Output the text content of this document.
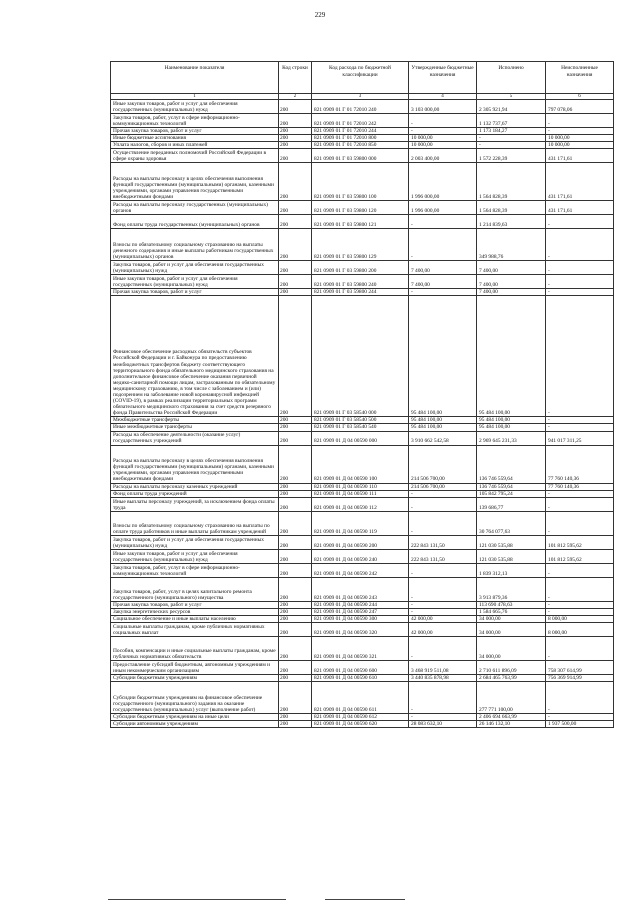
229
Наименование показателя	Код строки	Код расхода по бюджетной классификации	Утвержденные бюджетные назначения	Исполнено	Неисполненные назначения
1	2	3	4	5	6
Иные закупки товаров, работ и услуг для обеспечения государственных (муниципальных) нужд	200	821 0909 01 Г 01 72010 240	3 103 000,00	2 305 921,94	797 078,06
Закупка товаров, работ, услуг в сфере информационно-коммуникационных технологий	200	821 0909 01 Г 01 72010 242	-	1 132 737,67	-
Прочая закупка товаров, работ и услуг	200	821 0909 01 Г 01 72010 244	-	1 173 184,27	-
Иные бюджетные ассигнования	200	821 0909 01 Г 01 72010 800	10 000,00	-	10 000,00
Уплата налогов, сборов и иных платежей	200	821 0909 01 Г 01 72010 850	10 000,00	-	10 000,00
Осуществление переданных полномочий Российской Федерации в сфере охраны здоровья	200	821 0909 01 Г 03 59800 000	2 003 400,00	1 572 228,39	431 171,61
Расходы на выплаты персоналу в целях обеспечения выполнения функций государственными (муниципальными) органами, казенными учреждениями, органами управления государственными внебюджетными фондами	200	821 0909 01 Г 03 59800 100	1 996 000,00	1 564 828,39	431 171,61
Расходы на выплаты персоналу государственных (муниципальных) органов	200	821 0909 01 Г 03 59800 120	1 996 000,00	1 564 828,39	431 171,61
Фонд оплаты труда государственных (муниципальных) органов	200	821 0909 01 Г 03 59800 121	-	1 214 839,63	-
Взносы по обязательному социальному страхованию на выплаты денежного содержания и иные выплаты работникам государственных (муниципальных) органов	200	821 0909 01 Г 03 59800 129	-	349 988,76	-
Закупка товаров, работ и услуг для обеспечения государственных (муниципальных) нужд	200	821 0909 01 Г 03 59800 200	7 400,00	7 400,00	-
Иные закупки товаров, работ и услуг для обеспечения государственных (муниципальных) нужд	200	821 0909 01 Г 03 59800 240	7 400,00	7 400,00	-
Прочая закупка товаров, работ и услуг	200	821 0909 01 Г 03 59800 244	-	7 400,00	-
Финансовое обеспечение расходных обязательств субъектов Российской Федерации и г. Байконура по предоставлению межбюджетных трансфертов бюджету соответствующего территориального фонда обязательного медицинского страхования на дополнительное финансовое обеспечение оказания первичной медико-санитарной помощи лицам, застрахованным по обязательному медицинскому страхованию, в том числе с заболеванием и (или) подозрением на заболевание новой коронавирусной инфекцией (COVID-19), в рамках реализации территориальных программ обязательного медицинского страхования за счет средств резервного фонда Правительства Российской Федерации	200	821 0909 01 Г 03 58540 000	95 484 100,00	95 484 100,00	-
Межбюджетные трансферты	200	821 0909 01 Г 03 58540 500	95 484 100,00	95 484 100,00	-
Иные межбюджетные трансферты	200	821 0909 01 Г 03 58540 540	95 484 100,00	95 484 100,00	-
Расходы на обеспечение деятельности (оказание услуг) государственных учреждений	200	821 0909 01 Д 04 00590 000	3 910 662 542,58	2 969 645 231,33	941 017 311,25
Расходы на выплаты персоналу в целях обеспечения выполнения функций государственными (муниципальными) органами, казенными учреждениями, органами управления государственными внебюджетными фондами	200	821 0909 01 Д 04 00590 100	214 506 700,00	136 746 559,64	77 760 140,36
Расходы на выплаты персоналу казенных учреждений	200	821 0909 01 Д 04 00590 110	214 506 700,00	136 746 559,64	77 760 140,36
Фонд оплаты труда учреждений	200	821 0909 01 Д 04 00590 111	-	105 842 795,24	-
Иные выплаты персоналу учреждений, за исключением фонда оплаты труда	200	821 0909 01 Д 04 00590 112	-	139 686,77	-
Взносы по обязательному социальному страхованию на выплаты по оплате труда работников и иные выплаты работникам учреждений	200	821 0909 01 Д 04 00590 119	-	30 764 077,63	-
Закупка товаров, работ и услуг для обеспечения государственных (муниципальных) нужд	200	821 0909 01 Д 04 00590 200	222 843 131,50	121 030 535,88	101 812 595,62
Иные закупки товаров, работ и услуг для обеспечения государственных (муниципальных) нужд	200	821 0909 01 Д 04 00590 240	222 843 131,50	121 030 535,88	101 812 595,62
Закупка товаров, работ, услуг в сфере информационно-коммуникационных технологий	200	821 0909 01 Д 04 00590 242	-	1 839 312,13	-
Закупка товаров, работ, услуг в целях капитального ремонта государственного (муниципального) имущества	200	821 0909 01 Д 04 00590 243	-	3 913 879,36	-
Прочая закупка товаров, работ и услуг	200	821 0909 01 Д 04 00590 244	-	113 690 478,63	-
Закупка энергетических ресурсов	200	821 0909 01 Д 04 00590 247	-	1 584 665,76	-
Социальное обеспечение и иные выплаты населению	200	821 0909 01 Д 04 00590 300	42 000,00	34 000,00	8 000,00
Социальные выплаты гражданам, кроме публичных нормативных социальных выплат	200	821 0909 01 Д 04 00590 320	42 000,00	34 000,00	8 000,00
Пособия, компенсации и иные социальные выплаты гражданам, кроме публичных нормативных обязательств	200	821 0909 01 Д 04 00590 321	-	34 000,00	-
Предоставление субсидий бюджетным, автономным учреждениям и иным некоммерческим организациям	200	821 0909 01 Д 04 00590 600	3 468 919 511,08	2 710 611 896,09	758 307 614,99
Субсидии бюджетным учреждениям	200	821 0909 01 Д 04 00590 610	3 440 835 878,98	2 684 465 763,99	756 369 914,99
Субсидии бюджетным учреждениям на финансовое обеспечение государственного (муниципального) задания на оказание государственных (муниципальных) услуг (выполнение работ)	200	821 0909 01 Д 04 00590 611	-	277 771 100,00	-
Субсидии бюджетным учреждениям на иные цели	200	821 0909 01 Д 04 00590 612	-	2 406 694 663,99	-
Субсидии автономным учреждениям	200	821 0909 01 Д 04 00590 620	28 083 632,10	26 146 132,10	1 937 500,00
